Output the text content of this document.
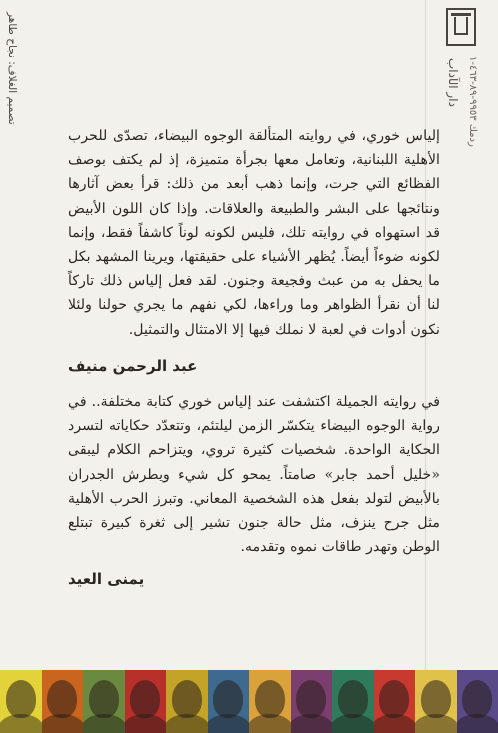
دار الآداب ردمك ٩٩٥٣-٨٩-٤٦٣-١
تصميم الغلاف: نجاح طاهر

إلياس خوري، في روايته المتألقة الوجوه البيضاء، تصدّى للحرب الأهلية اللبنانية، وتعامل معها بجرأة متميزة، إذ لم يكتف بوصف الفظائع التي جرت، وإنما ذهب أبعد من ذلك: قرأ بعض آثارها ونتائجها على البشر والطبيعة والعلاقات. وإذا كان اللون الأبيض قد استهواه في روايته تلك، فليس لكونه لوناً كاشفاً فقط، وإنما لكونه ضوءاً أيضاً. يُظهر الأشياء على حقيقتها، ويرينا المشهد بكل ما يحفل به من عبث وفجيعة وجنون. لقد فعل إلياس ذلك تاركاً لنا أن نقرأ الظواهر وما وراءها، لكي نفهم ما يجري حولنا ولئلا نكون أدوات في لعبة لا نملك فيها إلا الامتثال والتمثيل.

عبد الرحمن منيف

في روايته الجميلة اكتشفت عند إلياس خوري كتابة مختلفة.. في رواية الوجوه البيضاء يتكسّر الزمن ليلتئم، وتتعدّد حكاياته لتسرد الحكاية الواحدة. شخصيات كثيرة تروي، ويتزاحم الكلام ليبقى «خليل أحمد جابر» صامتاً. يمحو كل شيء ويطرش الجدران بالأبيض لتولد بفعل هذه الشخصية المعاني. وتبرز الحرب الأهلية مثل جرح ينزف، مثل حالة جنون تشير إلى ثغرة كبيرة تبتلع الوطن وتهدر طاقات نموه وتقدمه.

يمنى العيد
